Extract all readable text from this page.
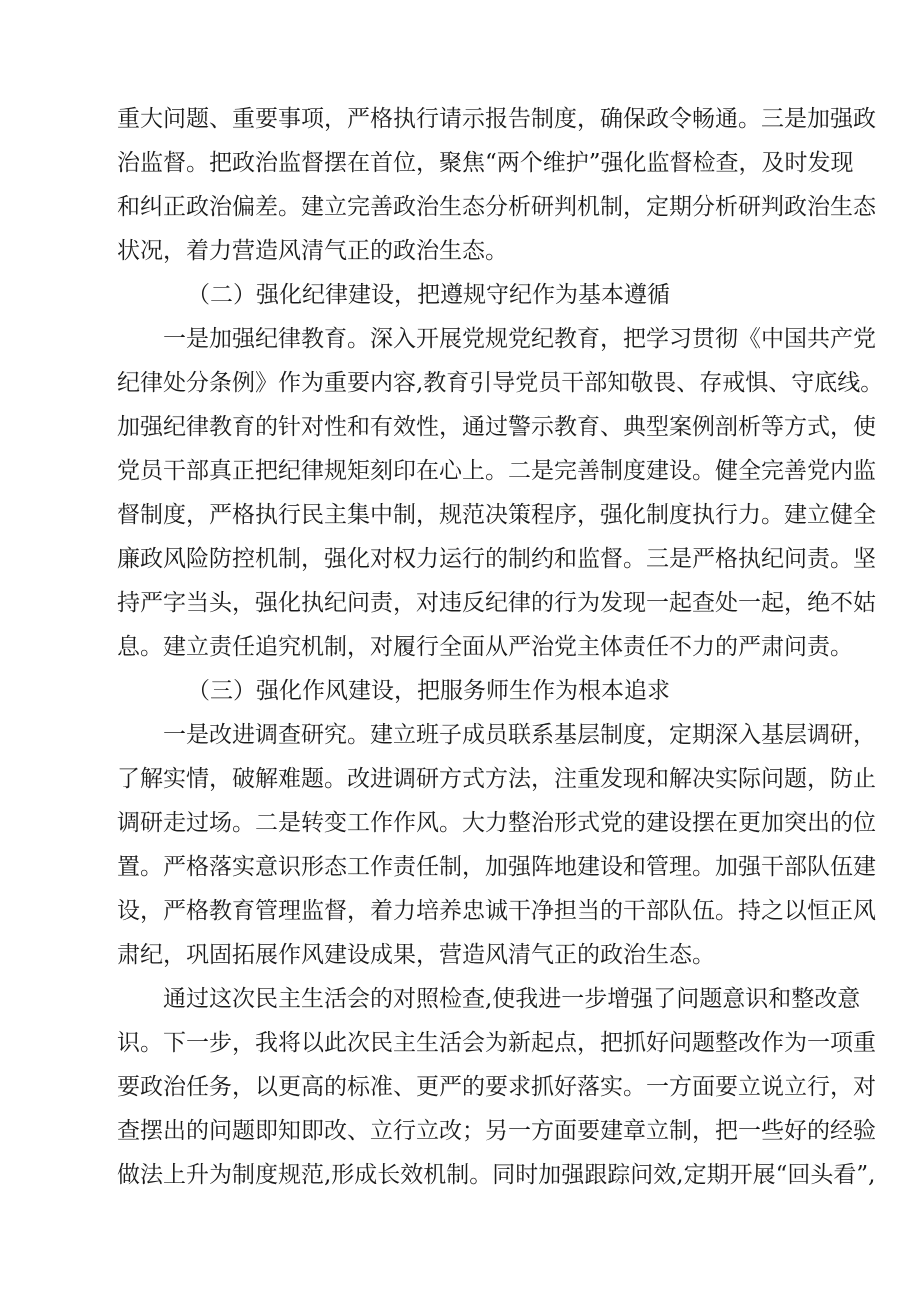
重大问题、重要事项，严格执行请示报告制度，确保政令畅通。三是加强政
治监督。把政治监督摆在首位，聚焦“两个维护”强化监督检查，及时发现
和纠正政治偏差。建立完善政治生态分析研判机制，定期分析研判政治生态
状况，着力营造风清气正的政治生态。
（二）强化纪律建设，把遵规守纪作为基本遵循
一是加强纪律教育。深入开展党规党纪教育，把学习贯彻《中国共产党
纪律处分条例》作为重要内容,教育引导党员干部知敬畏、存戒惧、守底线。
加强纪律教育的针对性和有效性，通过警示教育、典型案例剖析等方式，使
党员干部真正把纪律规矩刻印在心上。二是完善制度建设。健全完善党内监
督制度，严格执行民主集中制，规范决策程序，强化制度执行力。建立健全
廉政风险防控机制，强化对权力运行的制约和监督。三是严格执纪问责。坚
持严字当头，强化执纪问责，对违反纪律的行为发现一起查处一起，绝不姑
息。建立责任追究机制，对履行全面从严治党主体责任不力的严肃问责。
（三）强化作风建设，把服务师生作为根本追求
一是改进调查研究。建立班子成员联系基层制度，定期深入基层调研，
了解实情，破解难题。改进调研方式方法，注重发现和解决实际问题，防止
调研走过场。二是转变工作作风。大力整治形式党的建设摆在更加突出的位
置。严格落实意识形态工作责任制，加强阵地建设和管理。加强干部队伍建
设，严格教育管理监督，着力培养忠诚干净担当的干部队伍。持之以恒正风
肃纪，巩固拓展作风建设成果，营造风清气正的政治生态。
通过这次民主生活会的对照检查,使我进一步增强了问题意识和整改意
识。下一步，我将以此次民主生活会为新起点，把抓好问题整改作为一项重
要政治任务，以更高的标准、更严的要求抓好落实。一方面要立说立行，对
查摆出的问题即知即改、立行立改；另一方面要建章立制，把一些好的经验
做法上升为制度规范,形成长效机制。同时加强跟踪问效,定期开展“回头看”,
